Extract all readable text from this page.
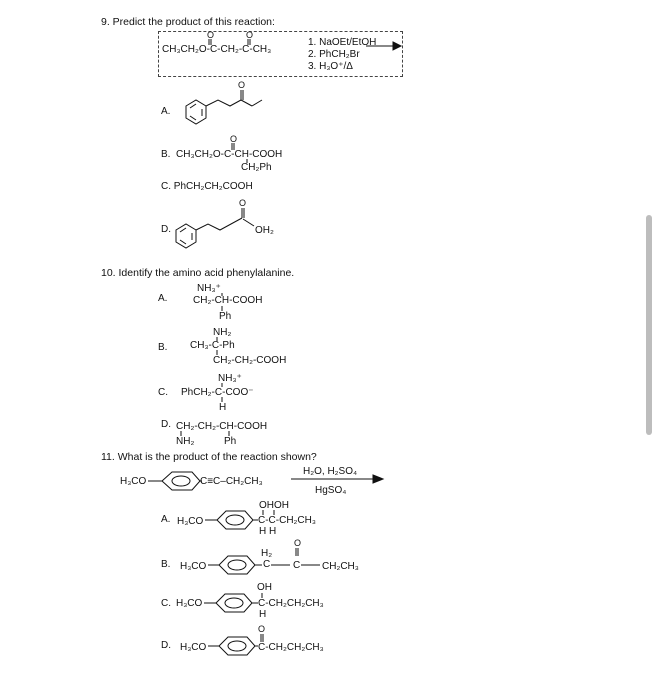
9. Predict the product of this reaction:
CH₃CH₂O-C-CH₂-C-CH₃
1. NaOEt/EtOH
2. PhCH₂Br
3. H₃O⁺/Δ
A.
B. CH₃CH₂O-C-CH-COOH
CH₂Ph
C. PhCH₂CH₂COOH
D.	OH₂
10. Identify the amino acid phenylalanine.
A.
NH₃⁺
CH₂-CH-COOH
Ph
B.
NH₂
CH₃-C-Ph
CH₂-CH₂-COOH
C.
NH₃⁺
PhCH₂-C-COO⁻
H
D. CH₂-CH₂-CH-COOH
NH₂	Ph
11. What is the product of the reaction shown?
H₃CO	C≡C–CH₂CH₃
H₂O, H₂SO₄
HgSO₄
A. H₃CO
OHOH
C-C-CH₂CH₃
H H
B. H₃CO
H₂
C	CH₂CH₃
C. H₃CO
OH
C-CH₂CH₂CH₃
H
D. H₃CO	C-CH₂CH₂CH₃
O	O
O
O
O
O
C
O
